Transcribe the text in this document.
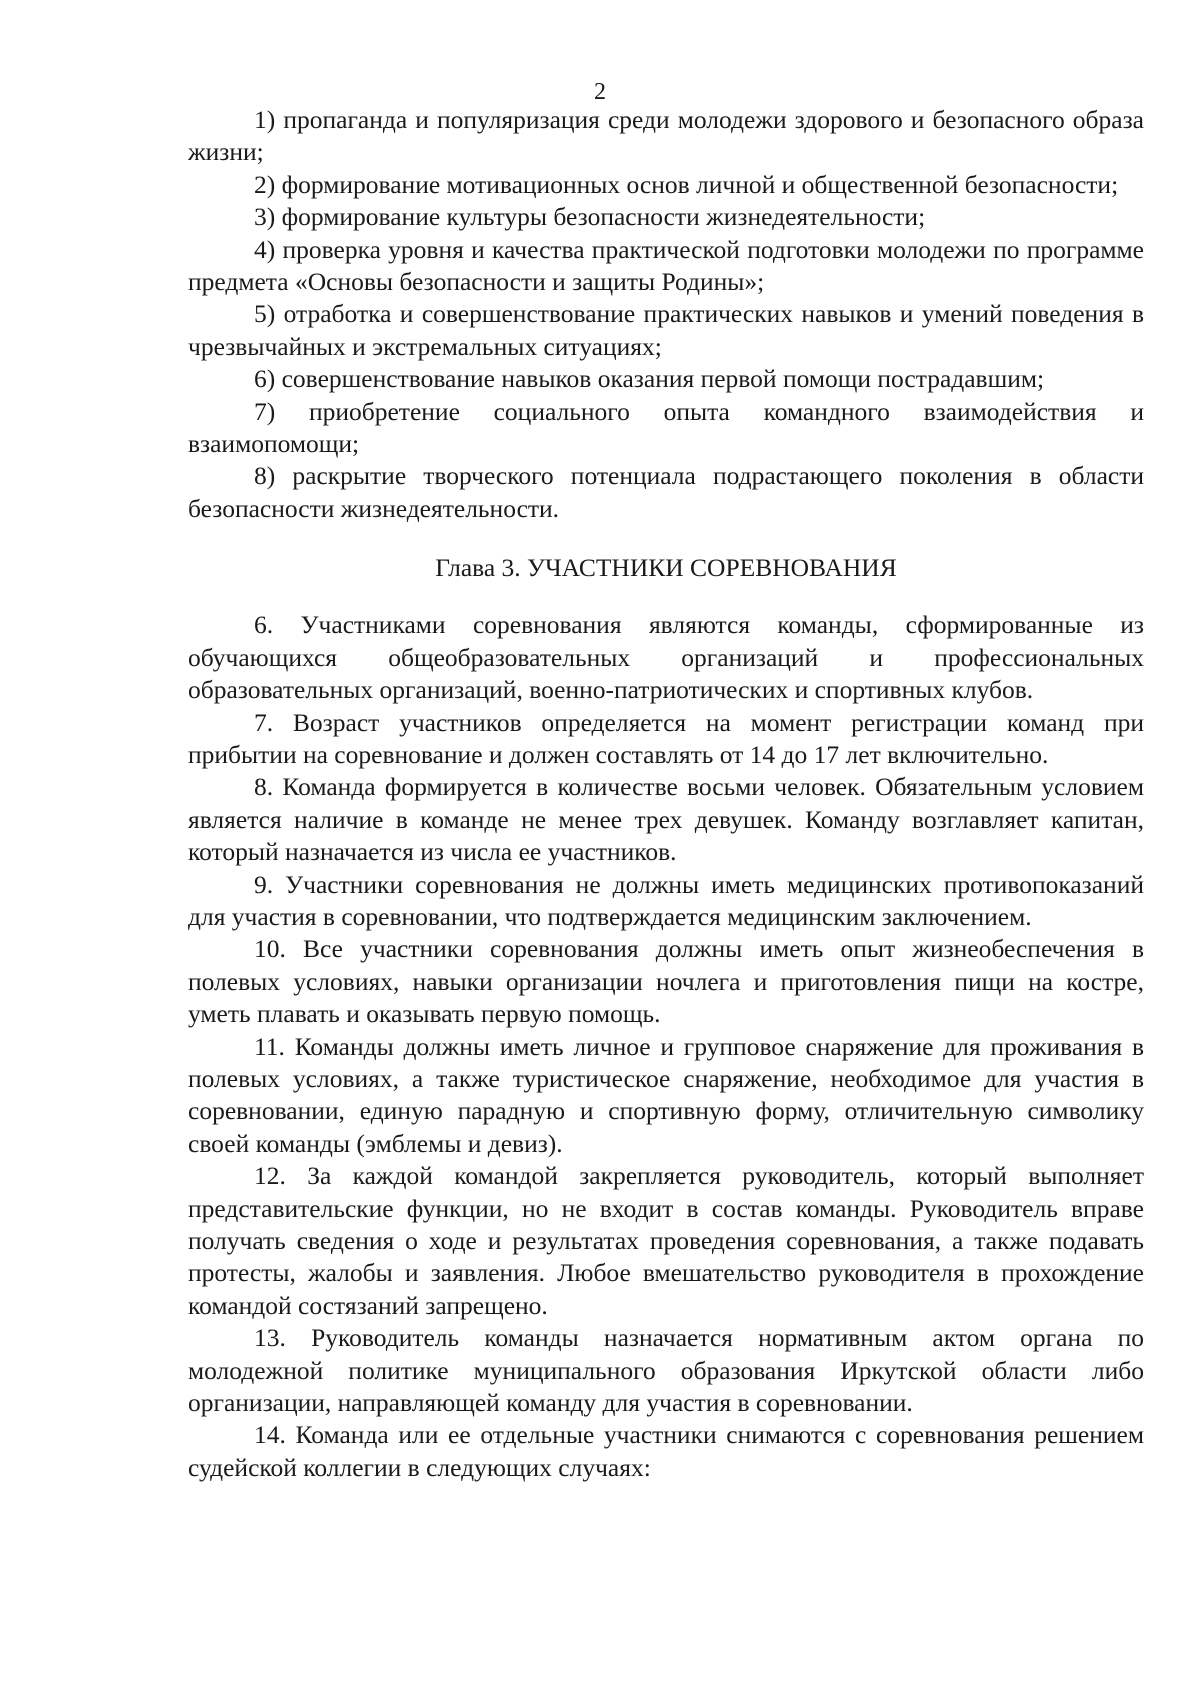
2

1) пропаганда и популяризация среди молодежи здорового и безопасного образа жизни;

2) формирование мотивационных основ личной и общественной безопасности;

3) формирование культуры безопасности жизнедеятельности;

4) проверка уровня и качества практической подготовки молодежи по программе предмета «Основы безопасности и защиты Родины»;

5) отработка и совершенствование практических навыков и умений поведения в чрезвычайных и экстремальных ситуациях;

6) совершенствование навыков оказания первой помощи пострадавшим;

7) приобретение социального опыта командного взаимодействия и взаимопомощи;

8) раскрытие творческого потенциала подрастающего поколения в области безопасности жизнедеятельности.

Глава 3. УЧАСТНИКИ СОРЕВНОВАНИЯ

6. Участниками соревнования являются команды, сформированные из обучающихся общеобразовательных организаций и профессиональных образовательных организаций, военно-патриотических и спортивных клубов.

7. Возраст участников определяется на момент регистрации команд при прибытии на соревнование и должен составлять от 14 до 17 лет включительно.

8. Команда формируется в количестве восьми человек. Обязательным условием является наличие в команде не менее трех девушек. Команду возглавляет капитан, который назначается из числа ее участников.

9. Участники соревнования не должны иметь медицинских противопоказаний для участия в соревновании, что подтверждается медицинским заключением.

10. Все участники соревнования должны иметь опыт жизнеобеспечения в полевых условиях, навыки организации ночлега и приготовления пищи на костре, уметь плавать и оказывать первую помощь.

11. Команды должны иметь личное и групповое снаряжение для проживания в полевых условиях, а также туристическое снаряжение, необходимое для участия в соревновании, единую парадную и спортивную форму, отличительную символику своей команды (эмблемы и девиз).

12. За каждой командой закрепляется руководитель, который выполняет представительские функции, но не входит в состав команды. Руководитель вправе получать сведения о ходе и результатах проведения соревнования, а также подавать протесты, жалобы и заявления. Любое вмешательство руководителя в прохождение командой состязаний запрещено.

13. Руководитель команды назначается нормативным актом органа по молодежной политике муниципального образования Иркутской области либо организации, направляющей команду для участия в соревновании.

14. Команда или ее отдельные участники снимаются с соревнования решением судейской коллегии в следующих случаях:
